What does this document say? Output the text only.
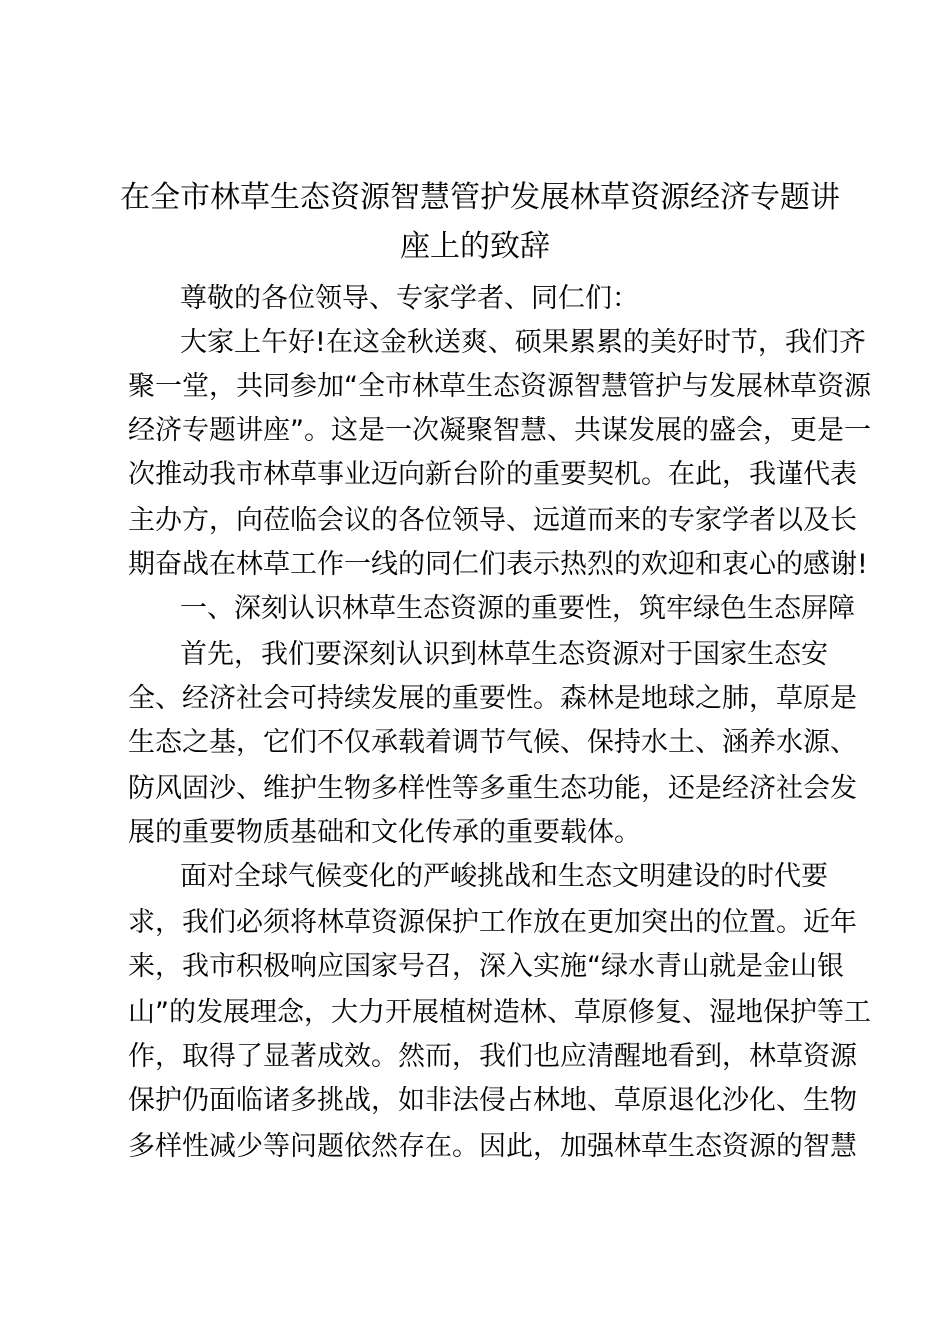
在全市林草生态资源智慧管护发展林草资源经济专题讲
座上的致辞
尊敬的各位领导、专家学者、同仁们：
大家上午好!在这金秋送爽、硕果累累的美好时节，我们齐
聚一堂，共同参加“全市林草生态资源智慧管护与发展林草资源
经济专题讲座”。这是一次凝聚智慧、共谋发展的盛会，更是一
次推动我市林草事业迈向新台阶的重要契机。在此，我谨代表
主办方，向莅临会议的各位领导、远道而来的专家学者以及长
期奋战在林草工作一线的同仁们表示热烈的欢迎和衷心的感谢!
一、深刻认识林草生态资源的重要性，筑牢绿色生态屏障
首先，我们要深刻认识到林草生态资源对于国家生态安
全、经济社会可持续发展的重要性。森林是地球之肺，草原是
生态之基，它们不仅承载着调节气候、保持水土、涵养水源、
防风固沙、维护生物多样性等多重生态功能，还是经济社会发
展的重要物质基础和文化传承的重要载体。
面对全球气候变化的严峻挑战和生态文明建设的时代要
求，我们必须将林草资源保护工作放在更加突出的位置。近年
来，我市积极响应国家号召，深入实施“绿水青山就是金山银
山”的发展理念，大力开展植树造林、草原修复、湿地保护等工
作，取得了显著成效。然而，我们也应清醒地看到，林草资源
保护仍面临诸多挑战，如非法侵占林地、草原退化沙化、生物
多样性减少等问题依然存在。因此，加强林草生态资源的智慧
